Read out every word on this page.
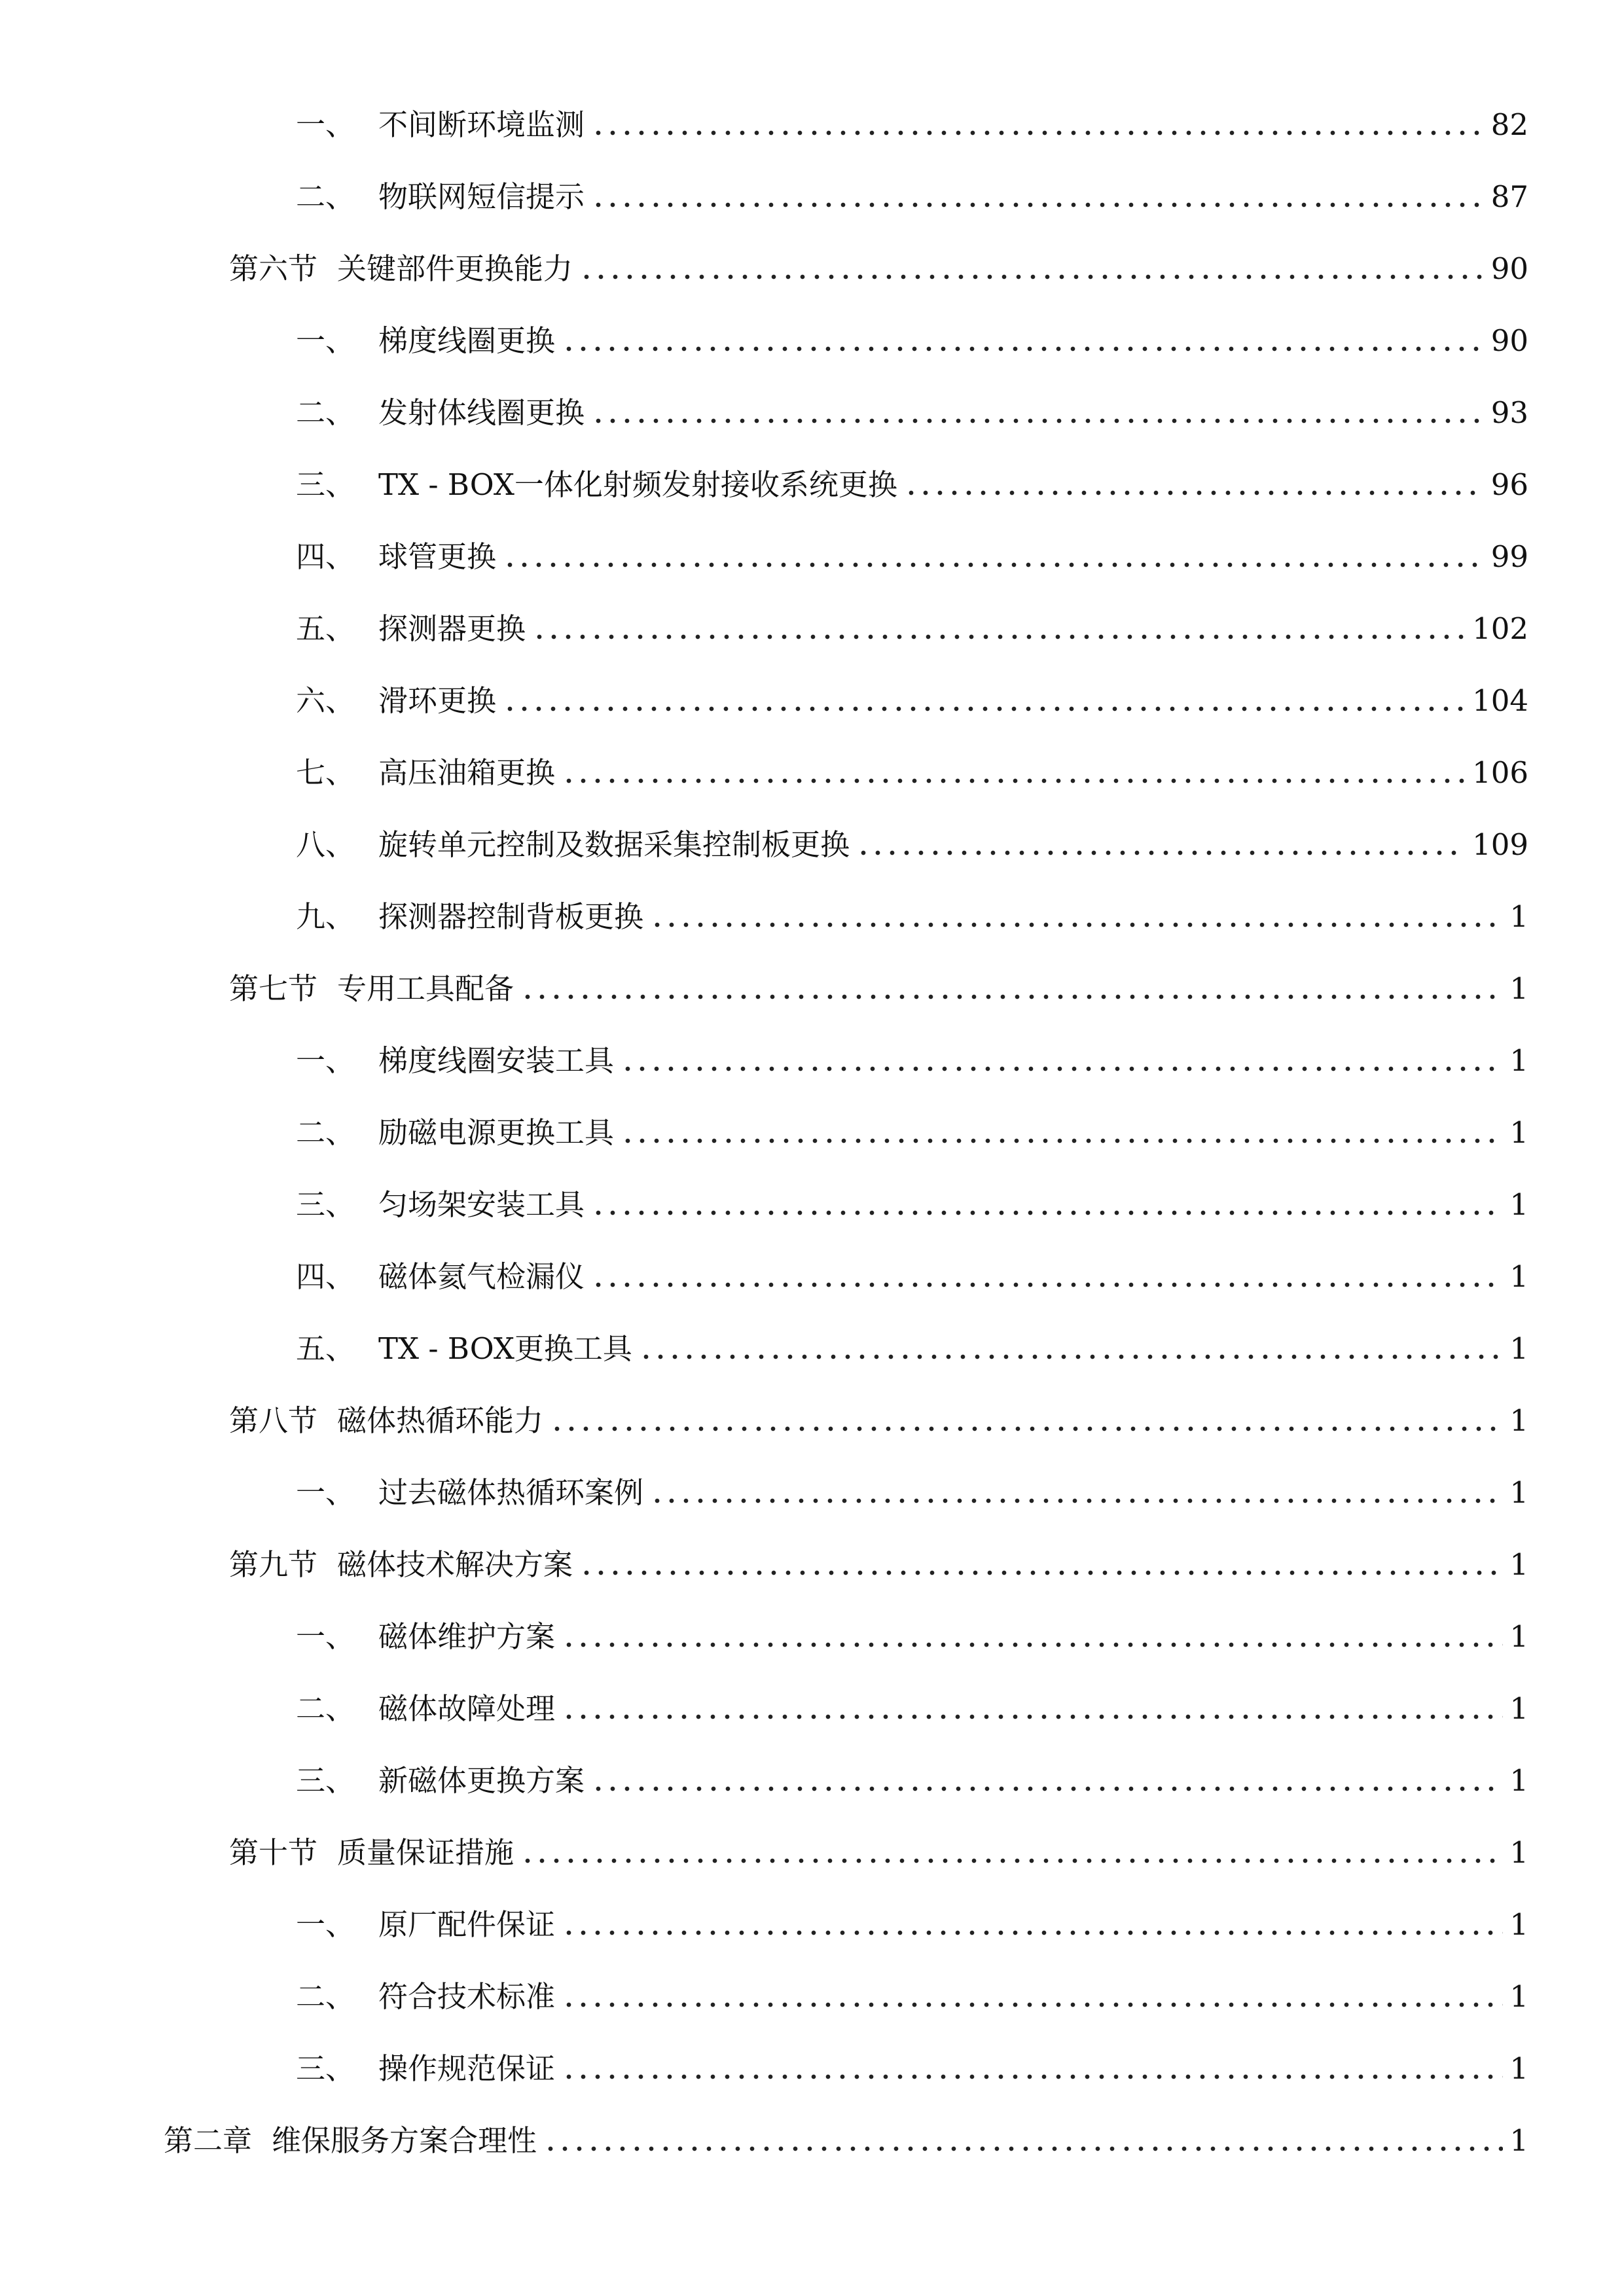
一、 不间断环境监测	82
二、 物联网短信提示	87
第六节 关键部件更换能力	90
一、 梯度线圈更换	90
二、 发射体线圈更换	93
三、 TX - BOX一体化射频发射接收系统更换	96
四、 球管更换	99
五、 探测器更换	102
六、 滑环更换	104
七、 高压油箱更换	106
八、 旋转单元控制及数据采集控制板更换	109
九、 探测器控制背板更换	1
第七节 专用工具配备	1
一、 梯度线圈安装工具	1
二、 励磁电源更换工具	1
三、 匀场架安装工具	1
四、 磁体氦气检漏仪	1
五、 TX - BOX更换工具	1
第八节 磁体热循环能力	1
一、 过去磁体热循环案例	1
第九节 磁体技术解决方案	1
一、 磁体维护方案	1
二、 磁体故障处理	1
三、 新磁体更换方案	1
第十节 质量保证措施	1
一、 原厂配件保证	1
二、 符合技术标准	1
三、 操作规范保证	1
第二章 维保服务方案合理性	1
